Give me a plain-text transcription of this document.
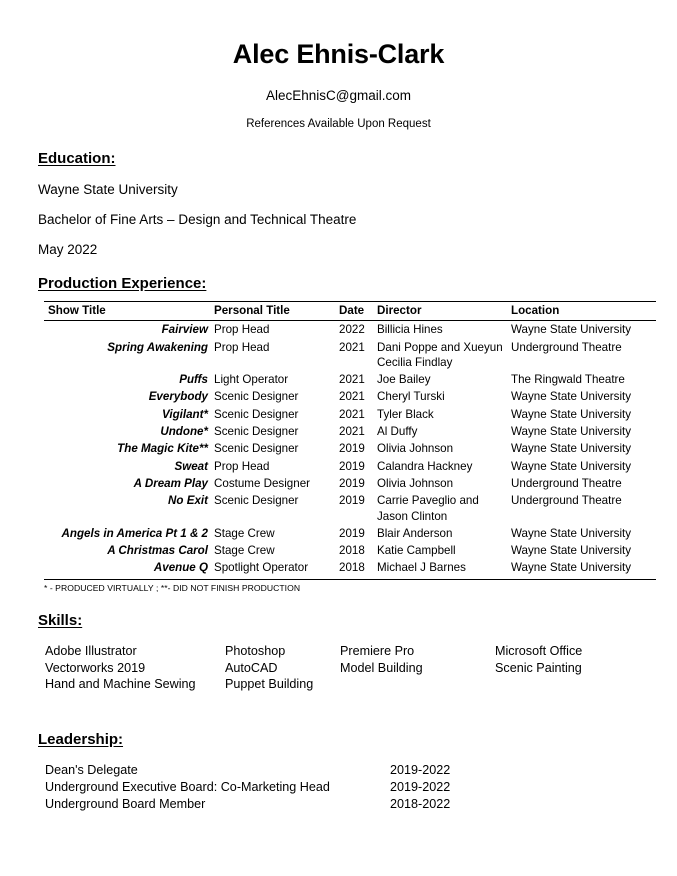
Alec Ehnis-Clark
AlecEhnisC@gmail.com
References Available Upon Request
Education:
Wayne State University
Bachelor of Fine Arts – Design and Technical Theatre
May 2022
Production Experience:
Show Title	Personal Title	Date	Director	Location
Fairview	Prop Head	2022	Billicia Hines	Wayne State University
Spring Awakening	Prop Head	2021	Dani Poppe and Xueyun Cecilia Findlay	Underground Theatre
Puffs	Light Operator	2021	Joe Bailey	The Ringwald Theatre
Everybody	Scenic Designer	2021	Cheryl Turski	Wayne State University
Vigilant*	Scenic Designer	2021	Tyler Black	Wayne State University
Undone*	Scenic Designer	2021	Al Duffy	Wayne State University
The Magic Kite**	Scenic Designer	2019	Olivia Johnson	Wayne State University
Sweat	Prop Head	2019	Calandra Hackney	Wayne State University
A Dream Play	Costume Designer	2019	Olivia Johnson	Underground Theatre
No Exit	Scenic Designer	2019	Carrie Paveglio and Jason Clinton	Underground Theatre
Angels in America Pt 1 & 2	Stage Crew	2019	Blair Anderson	Wayne State University
A Christmas Carol	Stage Crew	2018	Katie Campbell	Wayne State University
Avenue Q	Spotlight Operator	2018	Michael J Barnes	Wayne State University
* - PRODUCED VIRTUALLY ; **- DID NOT FINISH PRODUCTION
Skills:
Adobe Illustrator	Photoshop	Premiere Pro	Microsoft Office
Vectorworks 2019	AutoCAD	Model Building	Scenic Painting
Hand and Machine Sewing	Puppet Building
Leadership:
Dean's Delegate	2019-2022
Underground Executive Board: Co-Marketing Head	2019-2022
Underground Board Member	2018-2022
